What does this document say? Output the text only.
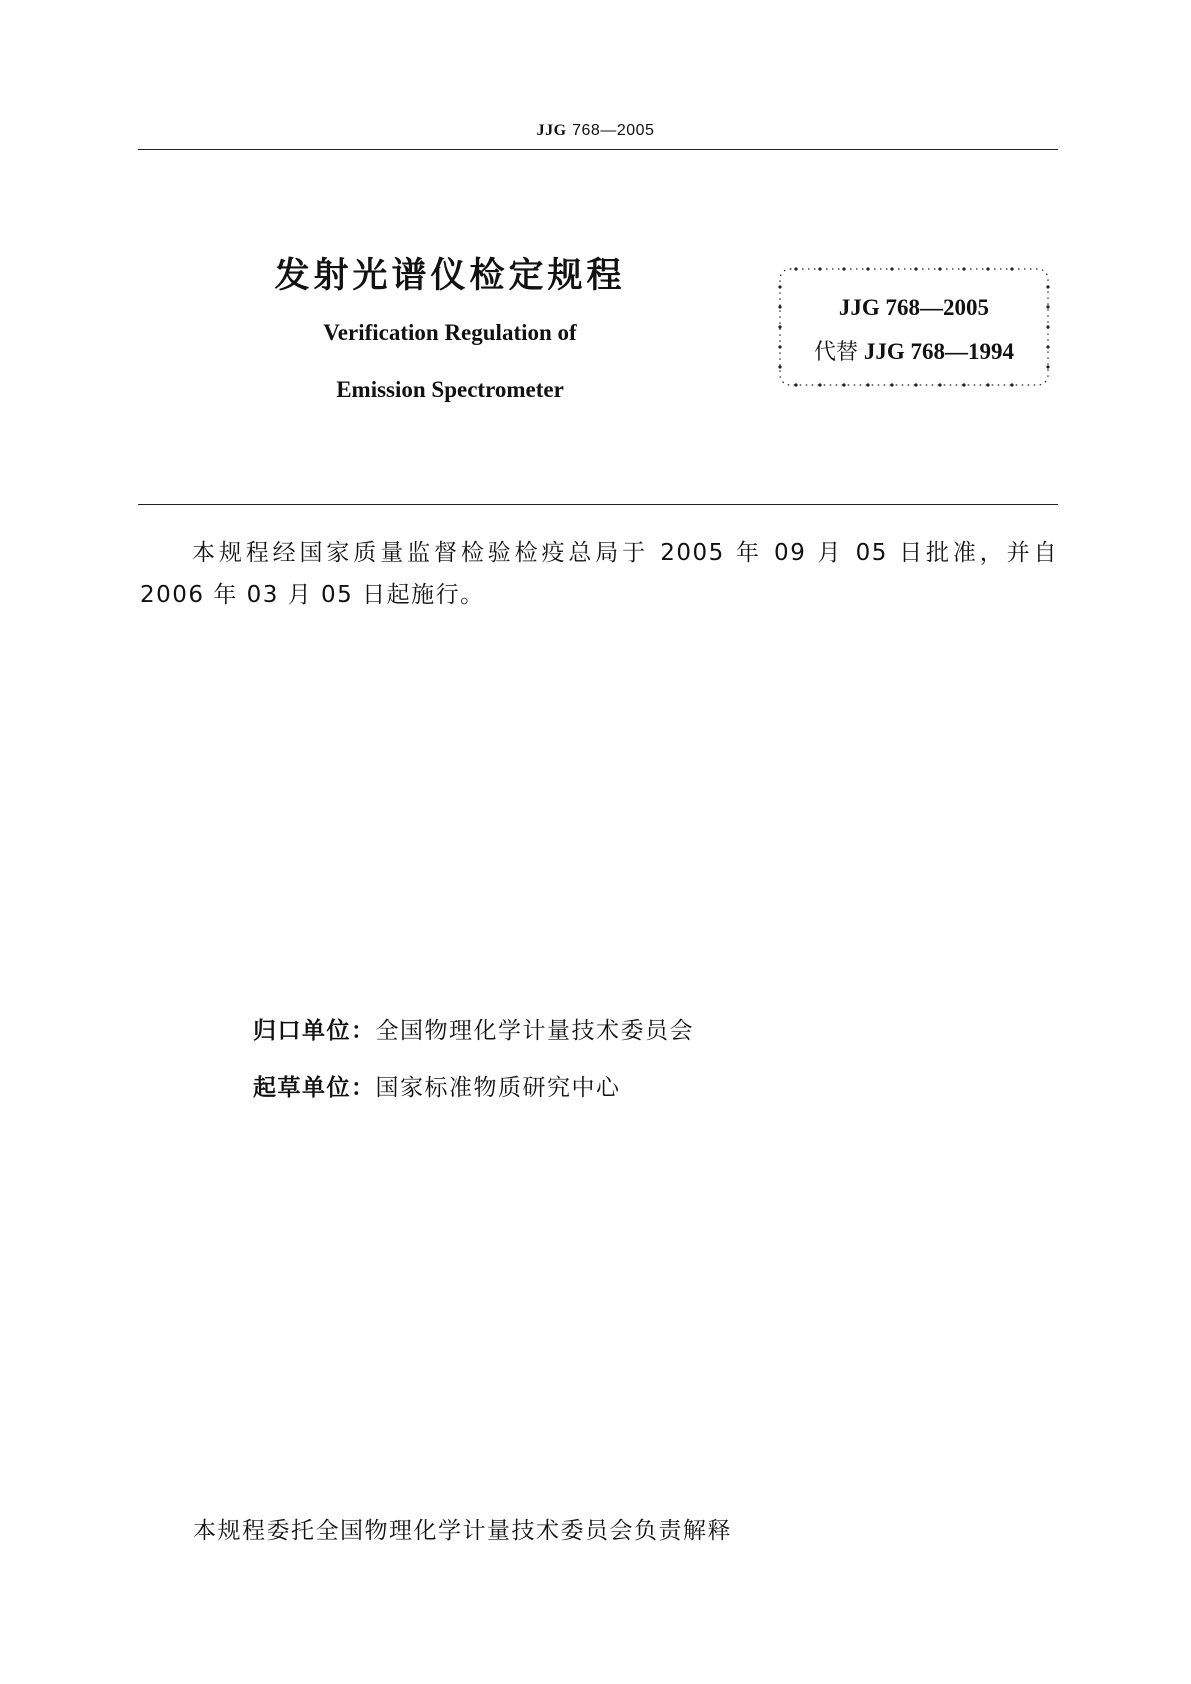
JJG 768—2005
发射光谱仪检定规程
Verification Regulation of
Emission Spectrometer
JJG 768—2005
代替 JJG 768—1994
本规程经国家质量监督检验检疫总局于 2005 年 09 月 05 日批准，并自 2006 年 03 月 05 日起施行。
归口单位：全国物理化学计量技术委员会
起草单位：国家标准物质研究中心
本规程委托全国物理化学计量技术委员会负责解释
